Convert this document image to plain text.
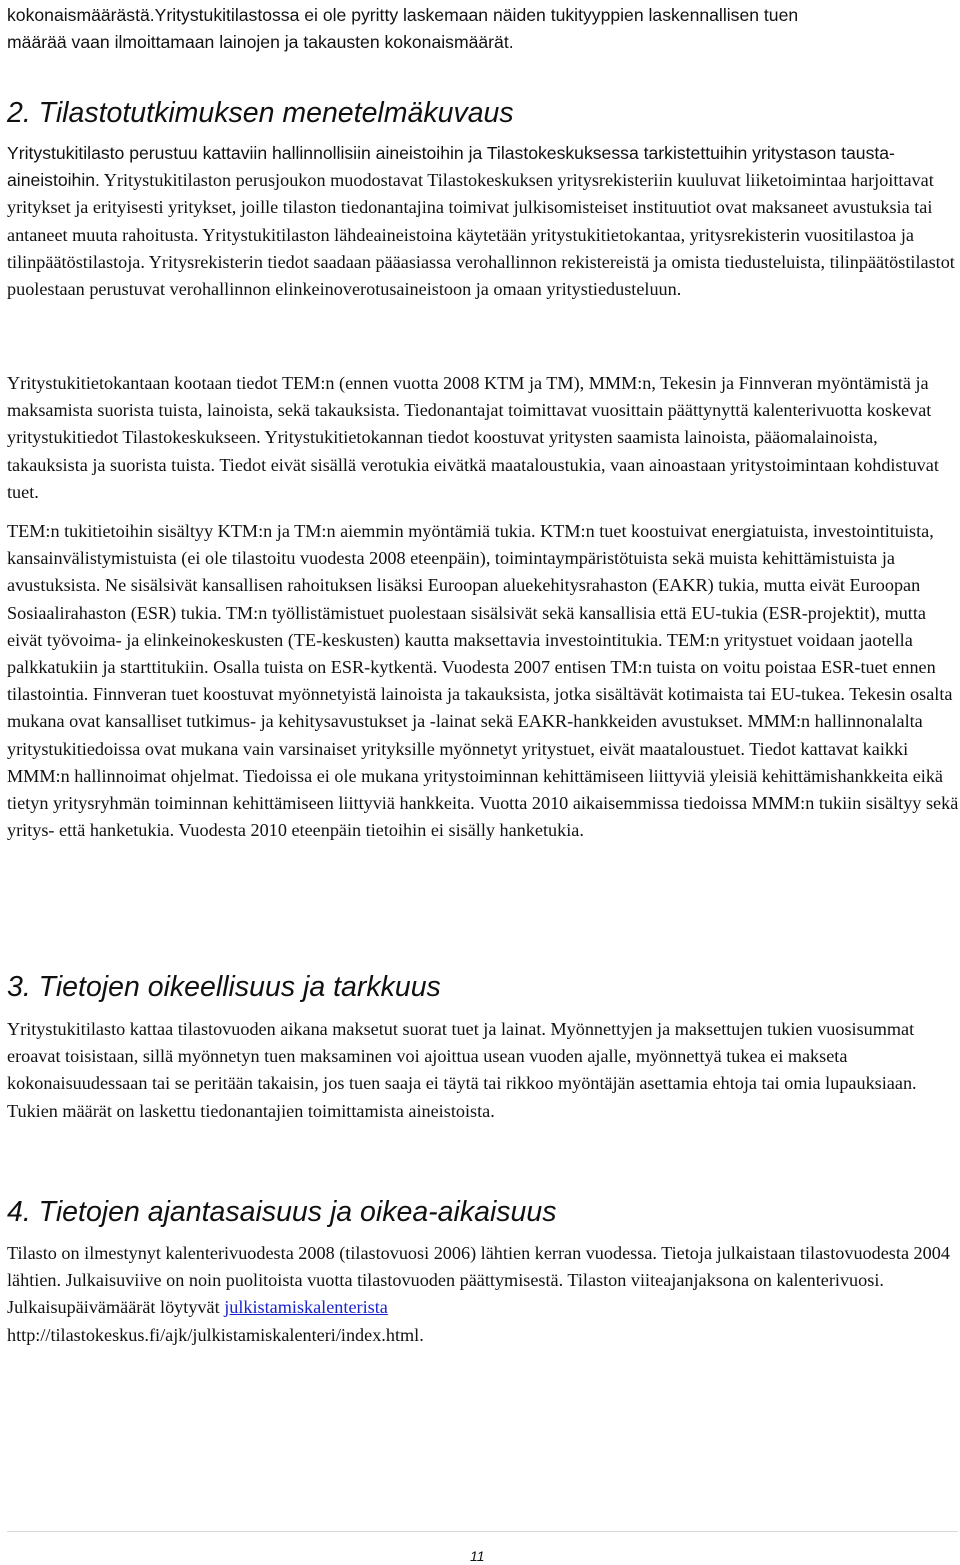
kokonaismäärästä.Yritystukitilastossa ei ole pyritty laskemaan näiden tukityyppien laskennallisen tuen
määrää vaan ilmoittamaan lainojen ja takausten kokonaismäärät.
2. Tilastotutkimuksen menetelmäkuvaus

Yritystukitilasto perustuu kattaviin hallinnollisiin aineistoihin ja Tilastokeskuksessa tarkistettuihin yritystason tausta-aineistoihin. Yritystukitilaston perusjoukon muodostavat Tilastokeskuksen yritysrekisteriin kuuluvat liiketoimintaa harjoittavat yritykset ja erityisesti yritykset, joille tilaston tiedonantajina toimivat julkisomisteiset instituutiot ovat maksaneet avustuksia tai antaneet muuta rahoitusta. Yritystukitilaston lähdeaineistoina käytetään yritystukitietokantaa, yritysrekisterin vuositilastoa ja tilinpäätöstilastoja. Yritysrekisterin tiedot saadaan pääasiassa verohallinnon rekistereistä ja omista tiedusteluista, tilinpäätöstilastot puolestaan perustuvat verohallinnon elinkeinoverotusaineistoon ja omaan yritystiedusteluun.

Yritystukitietokantaan kootaan tiedot TEM:n (ennen vuotta 2008 KTM ja TM), MMM:n, Tekesin ja Finnveran myöntämistä ja maksamista suorista tuista, lainoista, sekä takauksista. Tiedonantajat toimittavat vuosittain päättynyttä kalenterivuotta koskevat yritystukitiedot Tilastokeskukseen. Yritystukitietokannan tiedot koostuvat yritysten saamista lainoista, pääomalainoista, takauksista ja suorista tuista. Tiedot eivät sisällä verotukia eivätkä maataloustukia, vaan ainoastaan yritystoimintaan kohdistuvat tuet.

TEM:n tukitietoihin sisältyy KTM:n ja TM:n aiemmin myöntämiä tukia. KTM:n tuet koostuivat energiatuista, investointituista, kansainvälistymistuista (ei ole tilastoitu vuodesta 2008 eteenpäin), toimintaympäristötuista sekä muista kehittämistuista ja avustuksista. Ne sisälsivät kansallisen rahoituksen lisäksi Euroopan aluekehitysrahaston (EAKR) tukia, mutta eivät Euroopan Sosiaalirahaston (ESR) tukia. TM:n työllistämistuet puolestaan sisälsivät sekä kansallisia että EU-tukia (ESR-projektit), mutta eivät työvoima- ja elinkeinokeskusten (TE-keskusten) kautta maksettavia investointitukia. TEM:n yritystuet voidaan jaotella palkkatukiin ja starttitukiin. Osalla tuista on ESR-kytkentä. Vuodesta 2007 entisen TM:n tuista on voitu poistaa ESR-tuet ennen tilastointia. Finnveran tuet koostuvat myönnetyistä lainoista ja takauksista, jotka sisältävät kotimaista tai EU-tukea. Tekesin osalta mukana ovat kansalliset tutkimus- ja kehitysavustukset ja -lainat sekä EAKR-hankkeiden avustukset. MMM:n hallinnonalalta yritystukitiedoissa ovat mukana vain varsinaiset yrityksille myönnetyt yritystuet, eivät maataloustuet. Tiedot kattavat kaikki MMM:n hallinnoimat ohjelmat. Tiedoissa ei ole mukana yritystoiminnan kehittämiseen liittyviä yleisiä kehittämishankkeita eikä tietyn yritysryhmän toiminnan kehittämiseen liittyviä hankkeita. Vuotta 2010 aikaisemmissa tiedoissa MMM:n tukiin sisältyy sekä yritys- että hanketukia. Vuodesta 2010 eteenpäin tietoihin ei sisälly hanketukia.

3. Tietojen oikeellisuus ja tarkkuus

Yritystukitilasto kattaa tilastovuoden aikana maksetut suorat tuet ja lainat. Myönnettyjen ja maksettujen tukien vuosisummat eroavat toisistaan, sillä myönnetyn tuen maksaminen voi ajoittua usean vuoden ajalle, myönnettyä tukea ei makseta kokonaisuudessaan tai se peritään takaisin, jos tuen saaja ei täytä tai rikkoo myöntäjän asettamia ehtoja tai omia lupauksiaan. Tukien määrät on laskettu tiedonantajien toimittamista aineistoista.

4. Tietojen ajantasaisuus ja oikea-aikaisuus

Tilasto on ilmestynyt kalenterivuodesta 2008 (tilastovuosi 2006) lähtien kerran vuodessa. Tietoja julkaistaan tilastovuodesta 2004 lähtien. Julkaisuviive on noin puolitoista vuotta tilastovuoden päättymisestä. Tilaston viiteajanjaksona on kalenterivuosi. Julkaisupäivämäärät löytyvät julkistamiskalenterista
http://tilastokeskus.fi/ajk/julkistamiskalenteri/index.html.

11
